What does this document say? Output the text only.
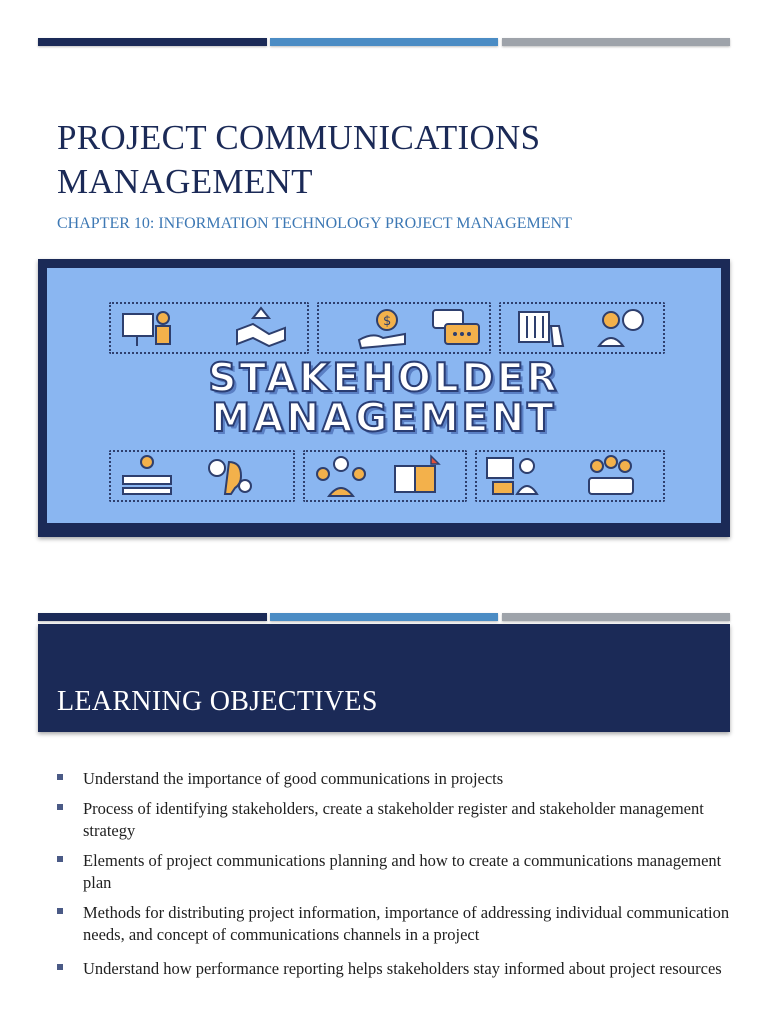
PROJECT COMMUNICATIONS
MANAGEMENT
CHAPTER 10: INFORMATION TECHNOLOGY PROJECT MANAGEMENT
$
STAKEHOLDER
MANAGEMENT
LEARNING OBJECTIVES
Understand the importance of good communications in projects
Process of identifying stakeholders, create a stakeholder register and stakeholder management strategy
Elements of project communications planning and how to create a communications management plan
Methods for distributing project information, importance of addressing individual communication needs, and concept of communications channels in a project
Understand how performance reporting helps stakeholders stay informed about project resources
